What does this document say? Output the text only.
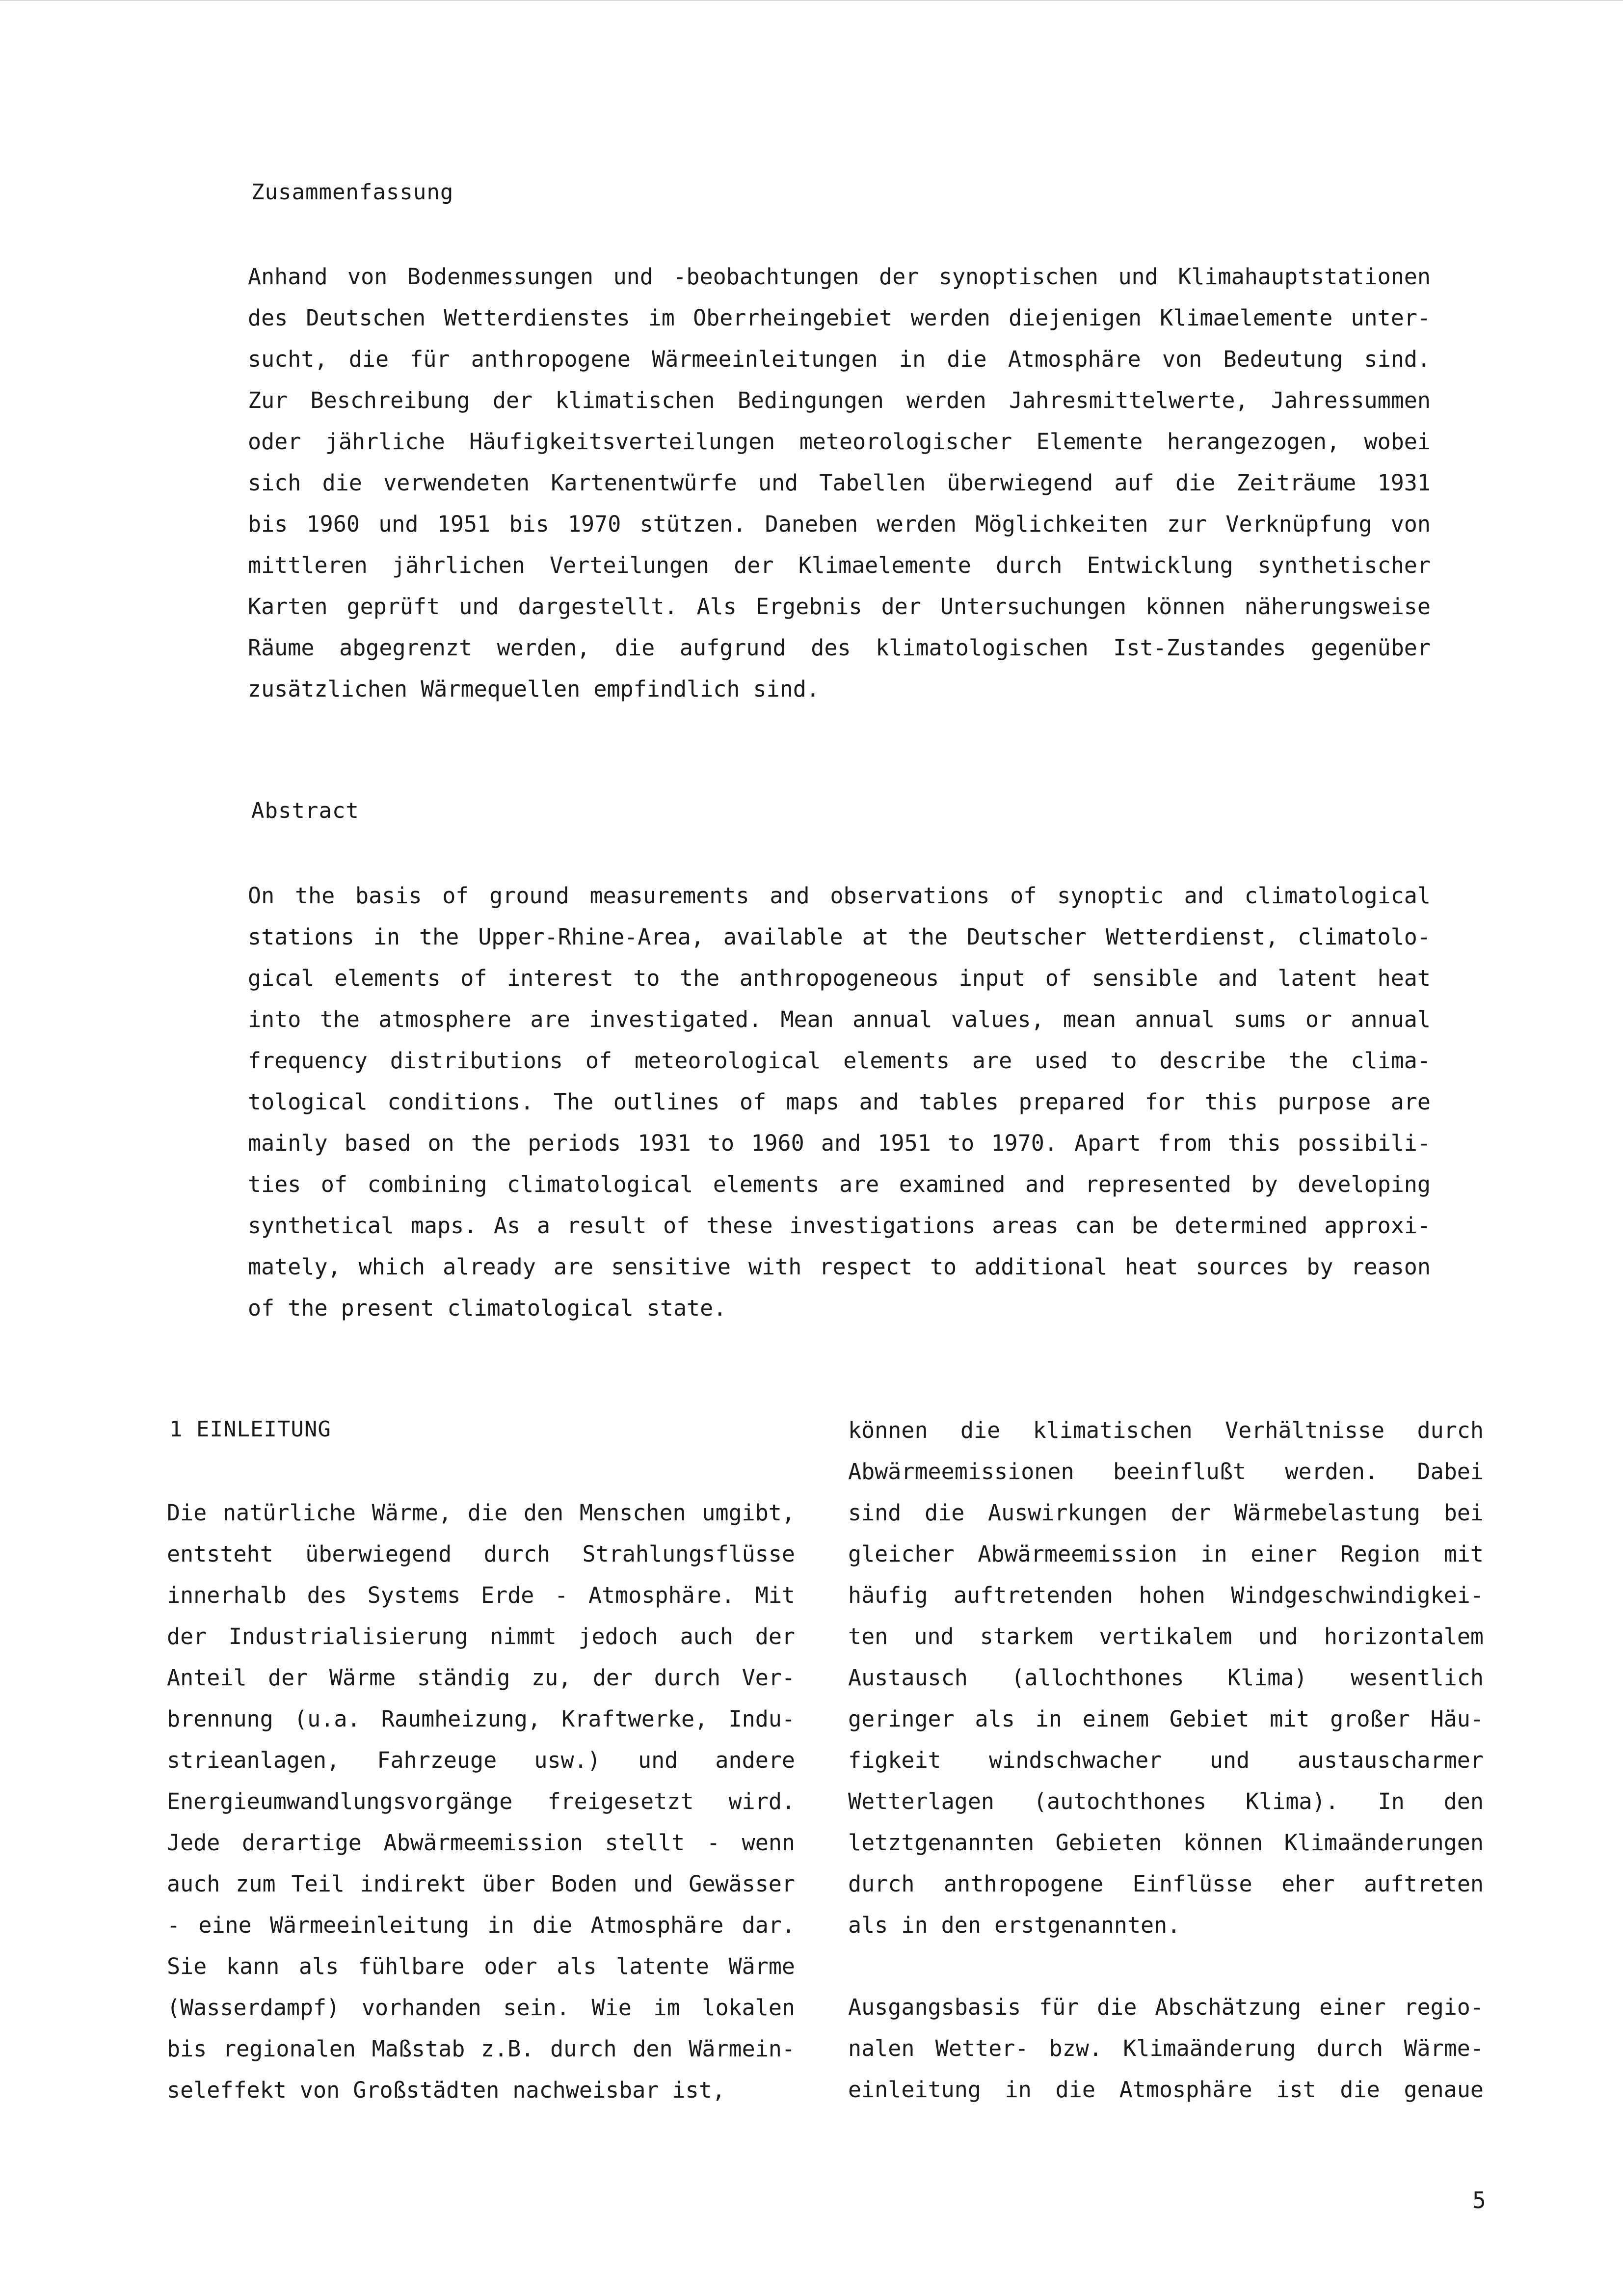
Zusammenfassung
Anhand von Bodenmessungen und -beobachtungen der synoptischen und Klimahauptstationen
des Deutschen Wetterdienstes im Oberrheingebiet werden diejenigen Klimaelemente unter-
sucht, die für anthropogene Wärmeeinleitungen in die Atmosphäre von Bedeutung sind.
Zur Beschreibung der klimatischen Bedingungen werden Jahresmittelwerte, Jahressummen
oder jährliche Häufigkeitsverteilungen meteorologischer Elemente herangezogen, wobei
sich die verwendeten Kartenentwürfe und Tabellen überwiegend auf die Zeiträume 1931
bis 1960 und 1951 bis 1970 stützen. Daneben werden Möglichkeiten zur Verknüpfung von
mittleren jährlichen Verteilungen der Klimaelemente durch Entwicklung synthetischer
Karten geprüft und dargestellt. Als Ergebnis der Untersuchungen können näherungsweise
Räume abgegrenzt werden, die aufgrund des klimatologischen Ist-Zustandes gegenüber
zusätzlichen Wärmequellen empfindlich sind.
Abstract
On the basis of ground measurements and observations of synoptic and climatological
stations in the Upper-Rhine-Area, available at the Deutscher Wetterdienst, climatolo-
gical elements of interest to the anthropogeneous input of sensible and latent heat
into the atmosphere are investigated. Mean annual values, mean annual sums or annual
frequency distributions of meteorological elements are used to describe the clima-
tological conditions. The outlines of maps and tables prepared for this purpose are
mainly based on the periods 1931 to 1960 and 1951 to 1970. Apart from this possibili-
ties of combining climatological elements are examined and represented by developing
synthetical maps. As a result of these investigations areas can be determined approxi-
mately, which already are sensitive with respect to additional heat sources by reason
of the present climatological state.
1 EINLEITUNG
Die natürliche Wärme, die den Menschen umgibt,
entsteht überwiegend durch Strahlungsflüsse
innerhalb des Systems Erde - Atmosphäre. Mit
der Industrialisierung nimmt jedoch auch der
Anteil der Wärme ständig zu, der durch Ver-
brennung (u.a. Raumheizung, Kraftwerke, Indu-
strieanlagen, Fahrzeuge usw.) und andere
Energieumwandlungsvorgänge freigesetzt wird.
Jede derartige Abwärmeemission stellt - wenn
auch zum Teil indirekt über Boden und Gewässer
- eine Wärmeeinleitung in die Atmosphäre dar.
Sie kann als fühlbare oder als latente Wärme
(Wasserdampf) vorhanden sein. Wie im lokalen
bis regionalen Maßstab z.B. durch den Wärmein-
seleffekt von Großstädten nachweisbar ist,
können die klimatischen Verhältnisse durch
Abwärmeemissionen beeinflußt werden. Dabei
sind die Auswirkungen der Wärmebelastung bei
gleicher Abwärmeemission in einer Region mit
häufig auftretenden hohen Windgeschwindigkei-
ten und starkem vertikalem und horizontalem
Austausch (allochthones Klima) wesentlich
geringer als in einem Gebiet mit großer Häu-
figkeit windschwacher und austauscharmer
Wetterlagen (autochthones Klima). In den
letztgenannten Gebieten können Klimaänderungen
durch anthropogene Einflüsse eher auftreten
als in den erstgenannten.
Ausgangsbasis für die Abschätzung einer regio-
nalen Wetter- bzw. Klimaänderung durch Wärme-
einleitung in die Atmosphäre ist die genaue
5
